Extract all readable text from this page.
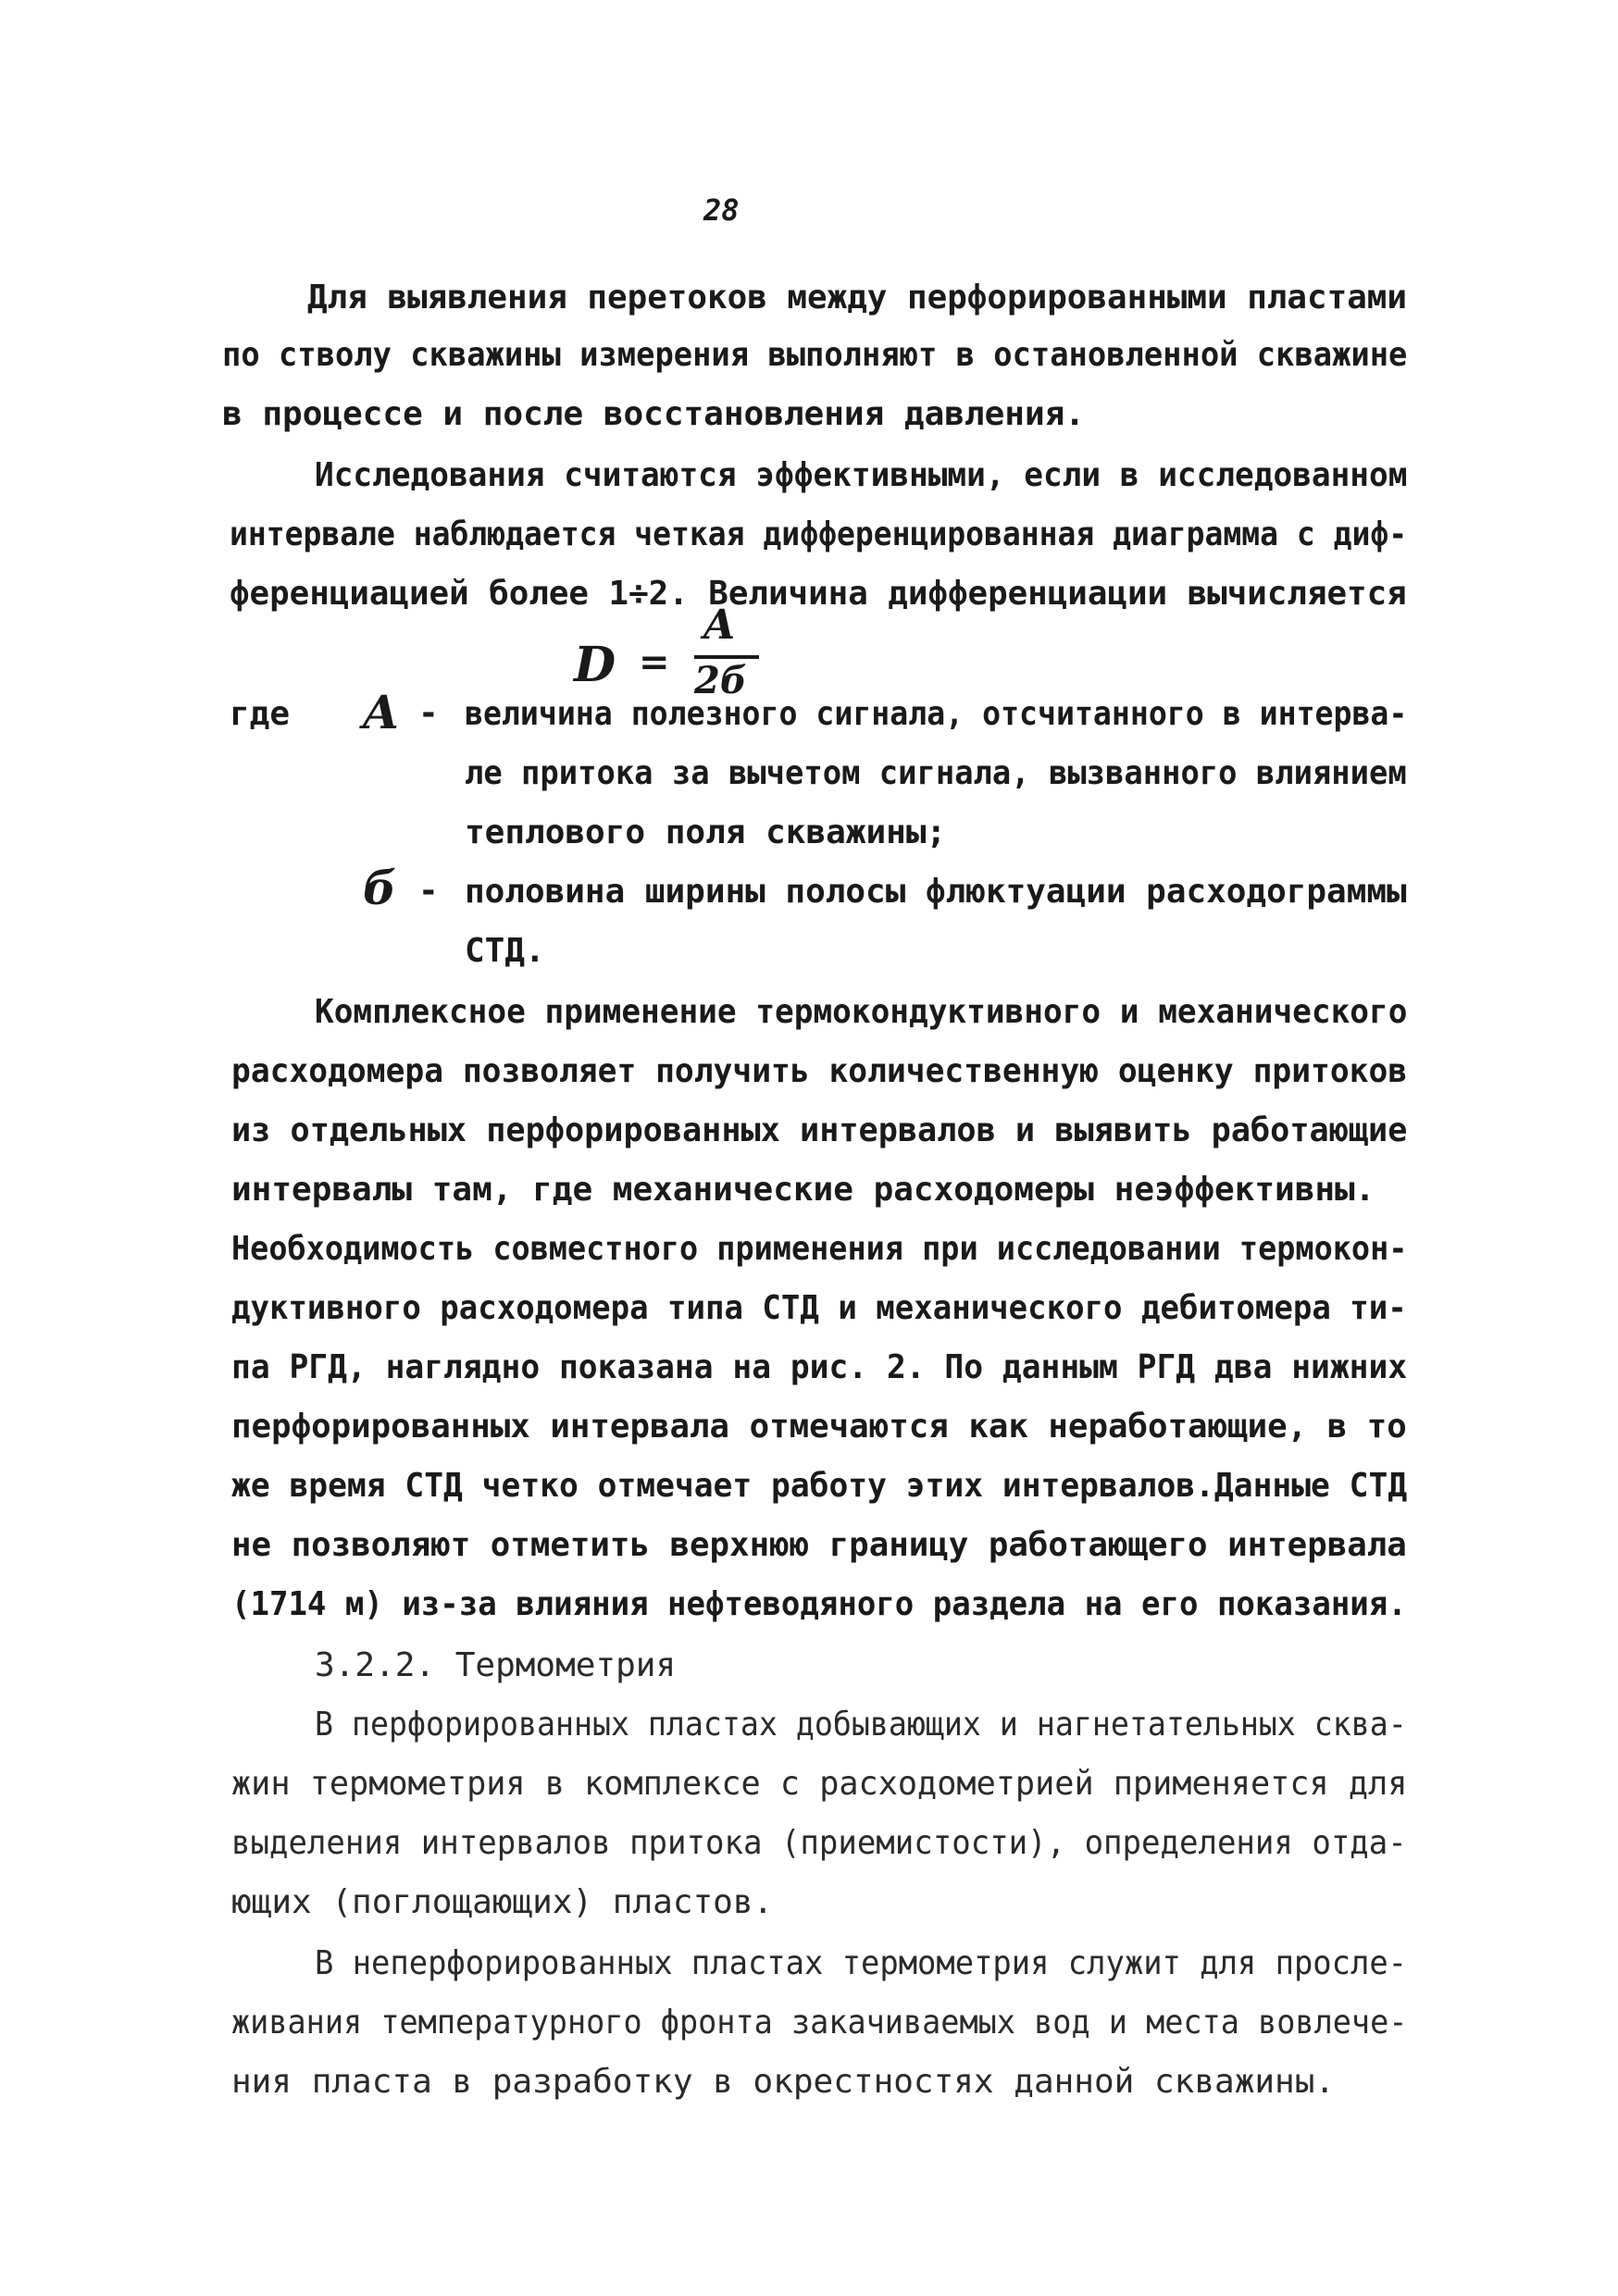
28
Для выявления перетоков между перфорированными пластами
по стволу скважины измерения выполняют в остановленной скважине
в процессе и после восстановления давления.
Исследования считаются эффективными, если в исследованном
интервале наблюдается четкая дифференцированная диаграмма с диф-
ференциацией более 1÷2. Величина дифференциации вычисляется
D =
A
2б
где A - величина полезного сигнала, отсчитанного в интерва-
ле притока за вычетом сигнала, вызванного влиянием
теплового поля скважины;
б - половина ширины полосы флюктуации расходограммы
СТД.
Комплексное применение термокондуктивного и механического
расходомера позволяет получить количественную оценку притоков
из отдельных перфорированных интервалов и выявить работающие
интервалы там, где механические расходомеры неэффективны.
Необходимость совместного применения при исследовании термокон-
дуктивного расходомера типа СТД и механического дебитомера ти-
па РГД, наглядно показана на рис. 2. По данным РГД два нижних
перфорированных интервала отмечаются как неработающие, в то
же время СТД четко отмечает работу этих интервалов.Данные СТД
не позволяют отметить верхнюю границу работающего интервала
(1714 м) из-за влияния нефтеводяного раздела на его показания.
3.2.2. Термометрия
В перфорированных пластах добывающих и нагнетательных сква-
жин термометрия в комплексе с расходометрией применяется для
выделения интервалов притока (приемистости), определения отда-
ющих (поглощающих) пластов.
В неперфорированных пластах термометрия служит для просле-
живания температурного фронта закачиваемых вод и места вовлече-
ния пласта в разработку в окрестностях данной скважины.
